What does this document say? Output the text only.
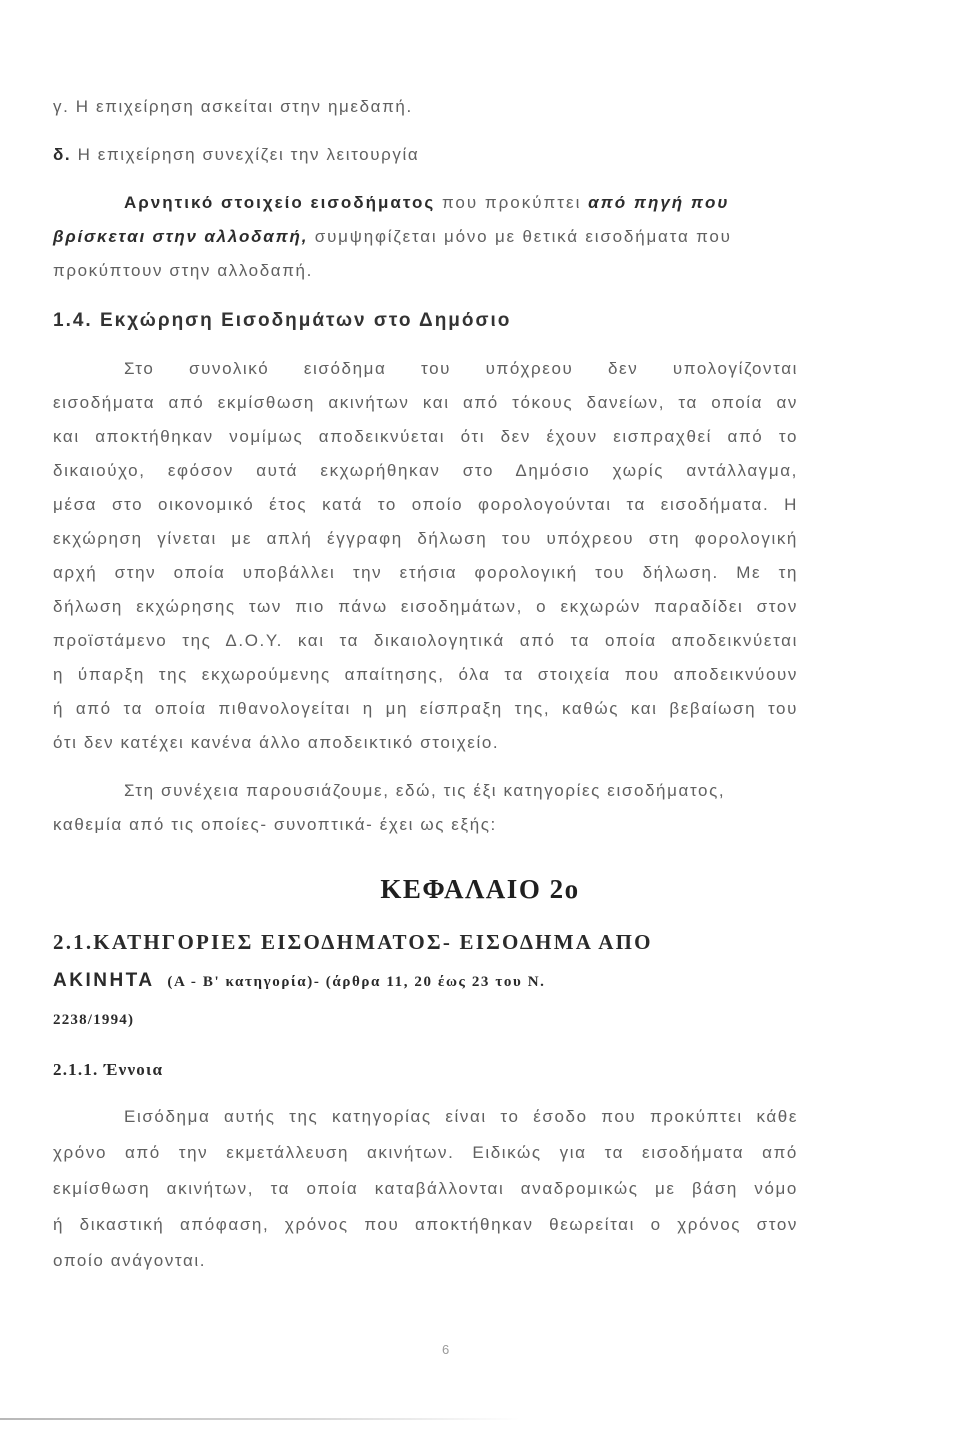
γ. Η επιχείρηση ασκείται στην ημεδαπή.
δ. Η επιχείρηση συνεχίζει την λειτουργία
Αρνητικό στοιχείο εισοδήματος που προκύπτει από πηγή που
βρίσκεται στην αλλοδαπή, συμψηφίζεται μόνο με θετικά εισοδήματα που
προκύπτουν στην αλλοδαπή.
1.4. Εκχώρηση Εισοδημάτων στο Δημόσιο
Στο συνολικό εισόδημα του υπόχρεου δεν υπολογίζονται
εισοδήματα από εκμίσθωση ακινήτων και από τόκους δανείων, τα οποία αν
και αποκτήθηκαν νομίμως αποδεικνύεται ότι δεν έχουν εισπραχθεί από το
δικαιούχο, εφόσον αυτά εκχωρήθηκαν στο Δημόσιο χωρίς αντάλλαγμα,
μέσα στο οικονομικό έτος κατά το οποίο φορολογούνται τα εισοδήματα. Η
εκχώρηση γίνεται με απλή έγγραφη δήλωση του υπόχρεου στη φορολογική
αρχή στην οποία υποβάλλει την ετήσια φορολογική του δήλωση. Με τη
δήλωση εκχώρησης των πιο πάνω εισοδημάτων, ο εκχωρών παραδίδει στον
προϊστάμενο της Δ.Ο.Υ. και τα δικαιολογητικά από τα οποία αποδεικνύεται
η ύπαρξη της εκχωρούμενης απαίτησης, όλα τα στοιχεία που αποδεικνύουν
ή από τα οποία πιθανολογείται η μη είσπραξη της, καθώς και βεβαίωση του
ότι δεν κατέχει κανένα άλλο αποδεικτικό στοιχείο.
Στη συνέχεια παρουσιάζουμε, εδώ, τις έξι κατηγορίες εισοδήματος,
καθεμία από τις οποίες- συνοπτικά- έχει ως εξής:
ΚΕΦΑΛΑΙΟ 2ο
2.1.ΚΑΤΗΓΟΡΙΕΣ ΕΙΣΟΔΗΜΑΤΟΣ- ΕΙΣΟΔΗΜΑ ΑΠΟ
ΑΚΙΝΗΤΑ (Α - Β' κατηγορία)- (άρθρα 11, 20 έως 23 του Ν.
2238/1994)
2.1.1. Έννοια
Εισόδημα αυτής της κατηγορίας είναι το έσοδο που προκύπτει κάθε
χρόνο από την εκμετάλλευση ακινήτων. Ειδικώς για τα εισοδήματα από
εκμίσθωση ακινήτων, τα οποία καταβάλλονται αναδρομικώς με βάση νόμο
ή δικαστική απόφαση, χρόνος που αποκτήθηκαν θεωρείται ο χρόνος στον
οποίο ανάγονται.
6
